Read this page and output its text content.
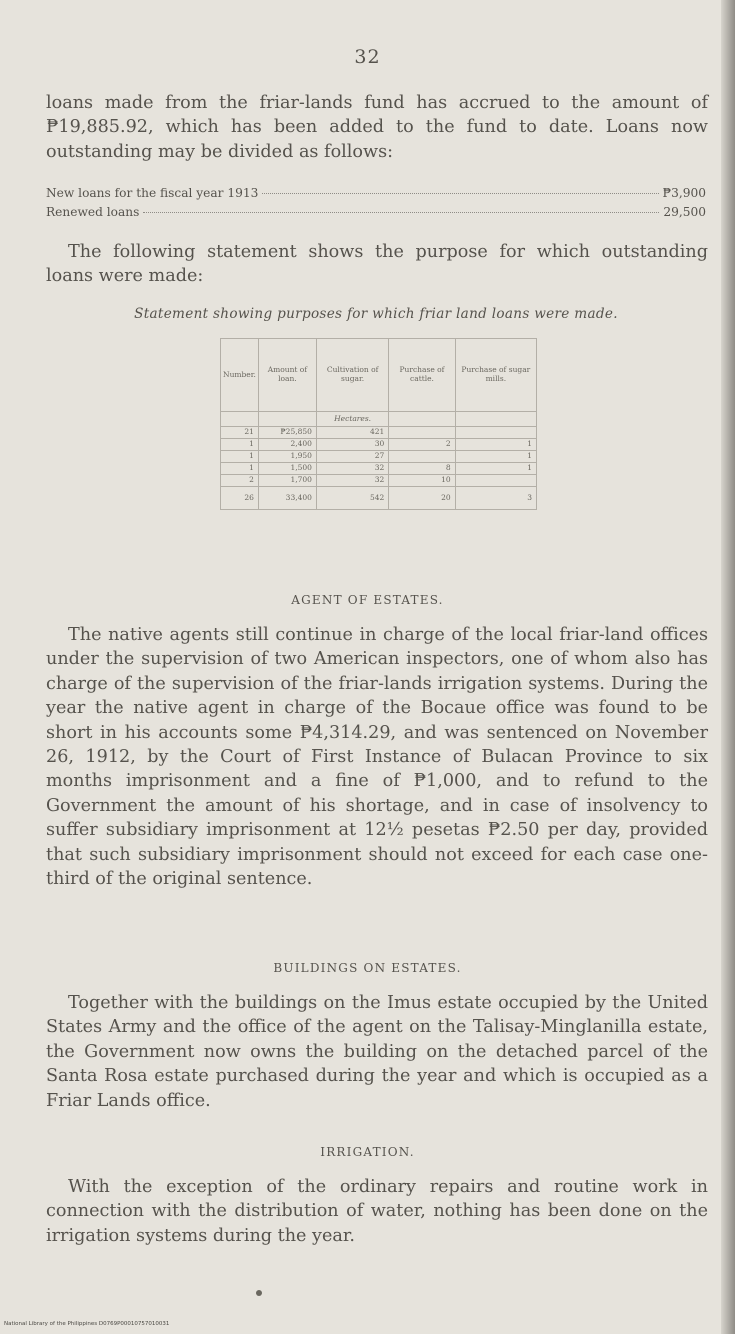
32

loans made from the friar-lands fund has accrued to the amount of ₱19,885.92, which has been added to the fund to date. Loans now outstanding may be divided as follows:

New loans for the fiscal year 1913	₱3,900
Renewed loans	29,500

The following statement shows the purpose for which outstanding loans were made:

Statement showing purposes for which friar land loans were made.

Number.	Amount of loan.	Cultivation of sugar.	Purchase of cattle.	Purchase of sugar mills.
		Hectares.		
21	₱25,850	421		
1	2,400	30	2	1
1	1,950	27		1
1	1,500	32	8	1
2	1,700	32	10	
26	33,400	542	20	3

AGENT OF ESTATES.

The native agents still continue in charge of the local friar-land offices under the supervision of two American inspectors, one of whom also has charge of the supervision of the friar-lands irrigation systems. During the year the native agent in charge of the Bocaue office was found to be short in his accounts some ₱4,314.29, and was sentenced on November 26, 1912, by the Court of First Instance of Bulacan Province to six months imprisonment and a fine of ₱1,000, and to refund to the Government the amount of his shortage, and in case of insolvency to suffer subsidiary imprisonment at 12½ pesetas ₱2.50 per day, provided that such subsidiary imprisonment should not exceed for each case one-third of the original sentence.

BUILDINGS ON ESTATES.

Together with the buildings on the Imus estate occupied by the United States Army and the office of the agent on the Talisay-Minglanilla estate, the Government now owns the building on the detached parcel of the Santa Rosa estate purchased during the year and which is occupied as a Friar Lands office.

IRRIGATION.

With the exception of the ordinary repairs and routine work in connection with the distribution of water, nothing has been done on the irrigation systems during the year.

National Library of the Philippines D0769P00010757010031
